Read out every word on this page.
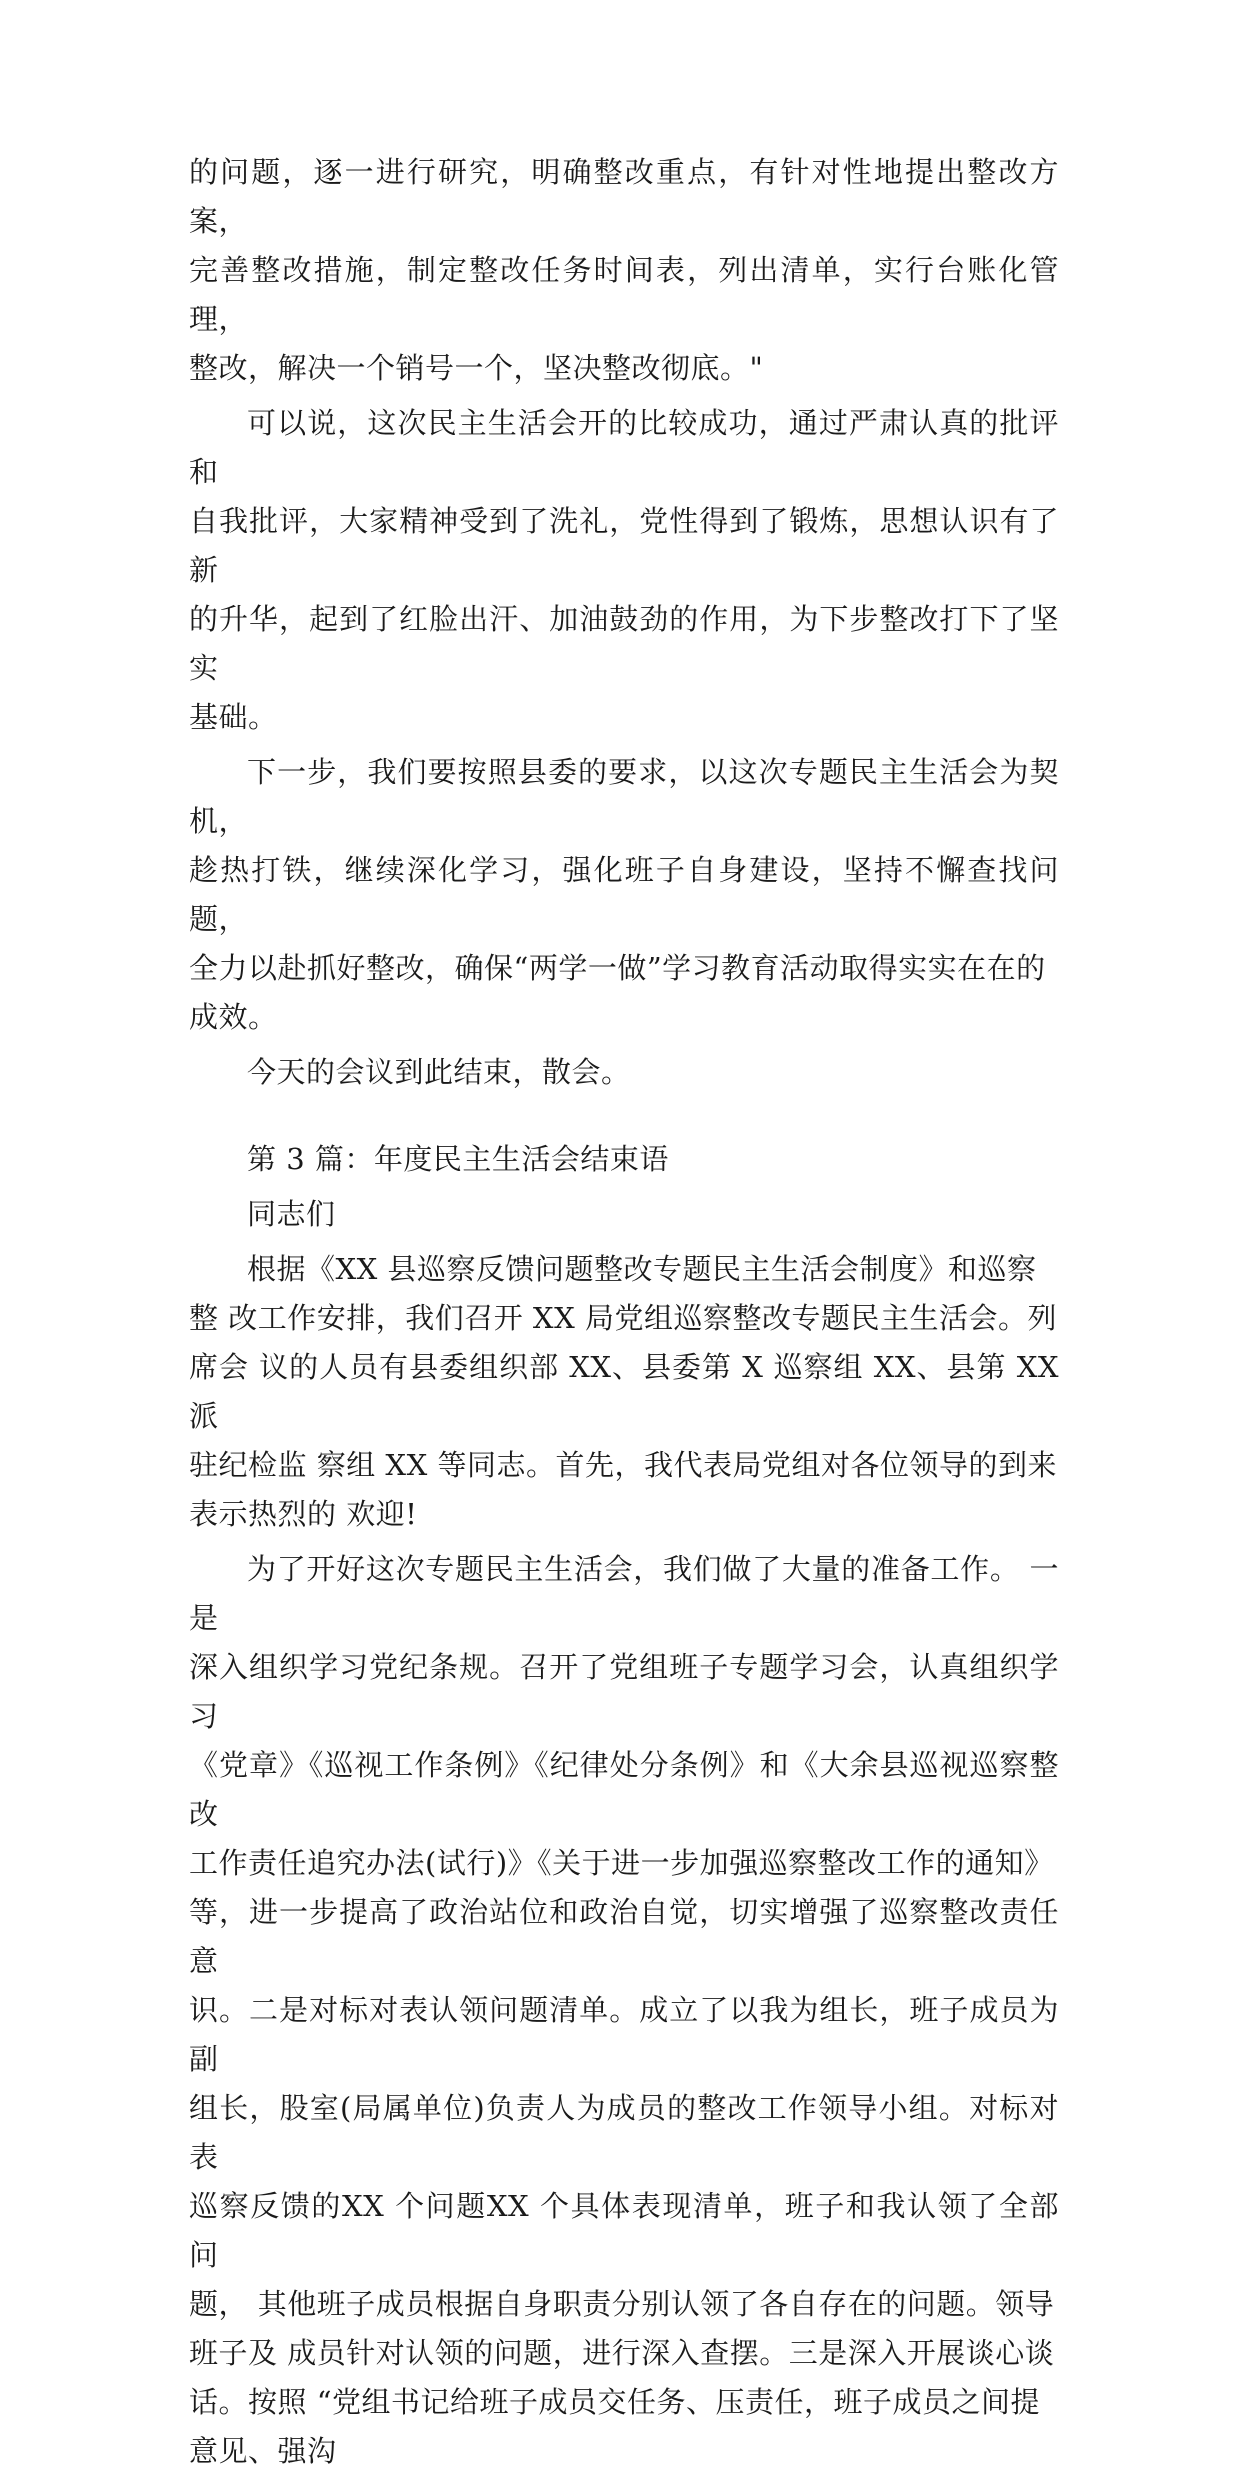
的问题，逐一进行研究，明确整改重点，有针对性地提出整改方案，
完善整改措施，制定整改任务时间表，列出清单，实行台账化管理，
整改，解决一个销号一个，坚决整改彻底。"

可以说，这次民主生活会开的比较成功，通过严肃认真的批评和
自我批评，大家精神受到了洗礼，党性得到了锻炼，思想认识有了新
的升华，起到了红脸出汗、加油鼓劲的作用，为下步整改打下了坚实
基础。

下一步，我们要按照县委的要求，以这次专题民主生活会为契机，
趁热打铁，继续深化学习，强化班子自身建设，坚持不懈查找问题，
全力以赴抓好整改，确保“两学一做”学习教育活动取得实实在在的
成效。

今天的会议到此结束，散会。

第 3 篇：年度民主生活会结束语

同志们

根据《XX 县巡察反馈问题整改专题民主生活会制度》和巡察
整 改工作安排，我们召开 XX 局党组巡察整改专题民主生活会。列
席会 议的人员有县委组织部 XX、县委第 X 巡察组 XX、县第 XX 派
驻纪检监 察组 XX 等同志。首先，我代表局党组对各位领导的到来
表示热烈的 欢迎!

为了开好这次专题民主生活会，我们做了大量的准备工作。 一是
深入组织学习党纪条规。召开了党组班子专题学习会，认真组织学习
《党章》《巡视工作条例》《纪律处分条例》和《大余县巡视巡察整改
工作责任追究办法(试行)》《关于进一步加强巡察整改工作的通知》
等，进一步提高了政治站位和政治自觉，切实增强了巡察整改责任意
识。二是对标对表认领问题清单。成立了以我为组长，班子成员为副
组长，股室(局属单位)负责人为成员的整改工作领导小组。对标对表
巡察反馈的XX 个问题XX 个具体表现清单，班子和我认领了全部问
题， 其他班子成员根据自身职责分别认领了各自存在的问题。领导
班子及 成员针对认领的问题，进行深入查摆。三是深入开展谈心谈
话。按照 “党组书记给班子成员交任务、压责任，班子成员之间提
意见、强沟
